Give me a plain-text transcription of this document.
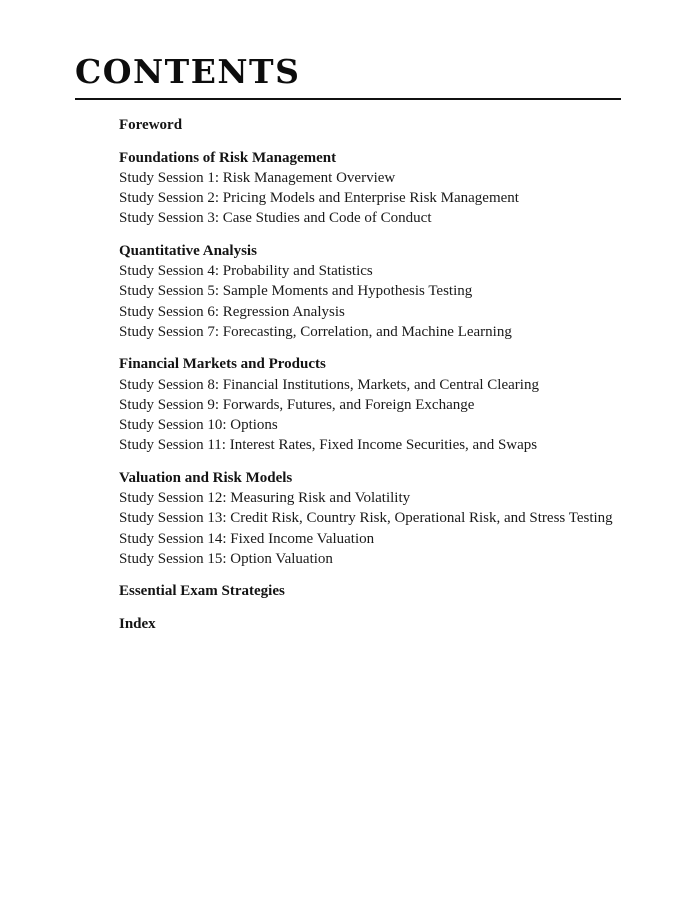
CONTENTS
Foreword
Foundations of Risk Management
Study Session 1: Risk Management Overview
Study Session 2: Pricing Models and Enterprise Risk Management
Study Session 3: Case Studies and Code of Conduct
Quantitative Analysis
Study Session 4: Probability and Statistics
Study Session 5: Sample Moments and Hypothesis Testing
Study Session 6: Regression Analysis
Study Session 7: Forecasting, Correlation, and Machine Learning
Financial Markets and Products
Study Session 8: Financial Institutions, Markets, and Central Clearing
Study Session 9: Forwards, Futures, and Foreign Exchange
Study Session 10: Options
Study Session 11: Interest Rates, Fixed Income Securities, and Swaps
Valuation and Risk Models
Study Session 12: Measuring Risk and Volatility
Study Session 13: Credit Risk, Country Risk, Operational Risk, and Stress Testing
Study Session 14: Fixed Income Valuation
Study Session 15: Option Valuation
Essential Exam Strategies
Index
